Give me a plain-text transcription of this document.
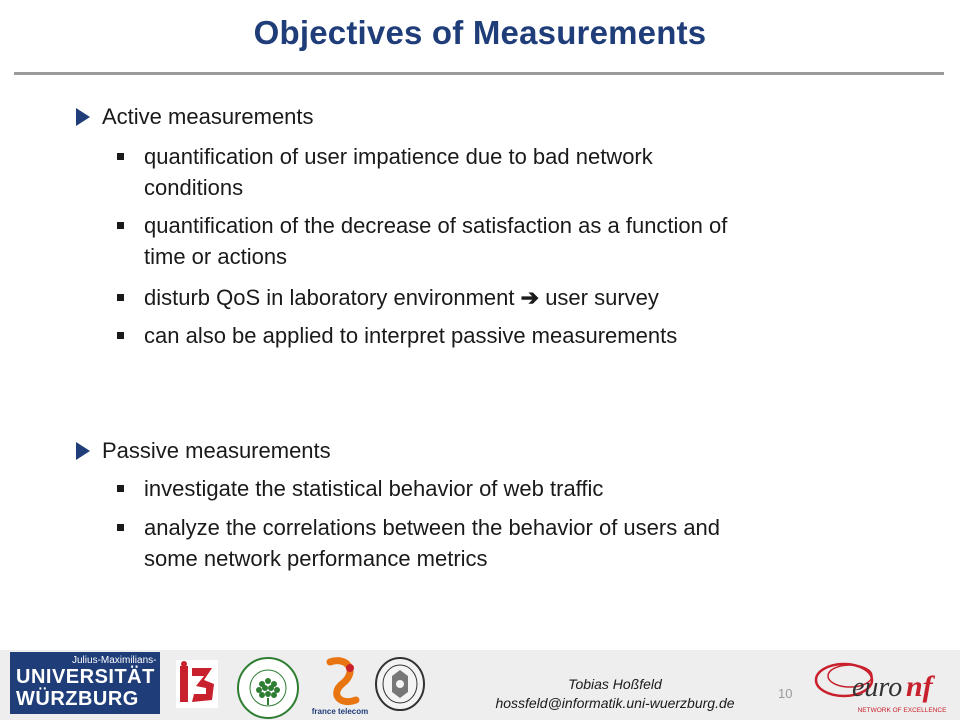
Objectives of Measurements
Active measurements
quantification of user impatience due to bad network
conditions
quantification of the decrease of satisfaction as a function of
time or actions
disturb QoS in laboratory environment ➔ user survey
can also be applied to interpret passive measurements
Passive measurements
investigate the statistical behavior of web traffic
analyze the correlations between the behavior of users and
some network performance metrics
Julius-Maximilians-
UNIVERSITÄT
WÜRZBURG
france telecom
Tobias Hoßfeld
hossfeld@informatik.uni-wuerzburg.de
10 euro nf
NETWORK OF EXCELLENCE
